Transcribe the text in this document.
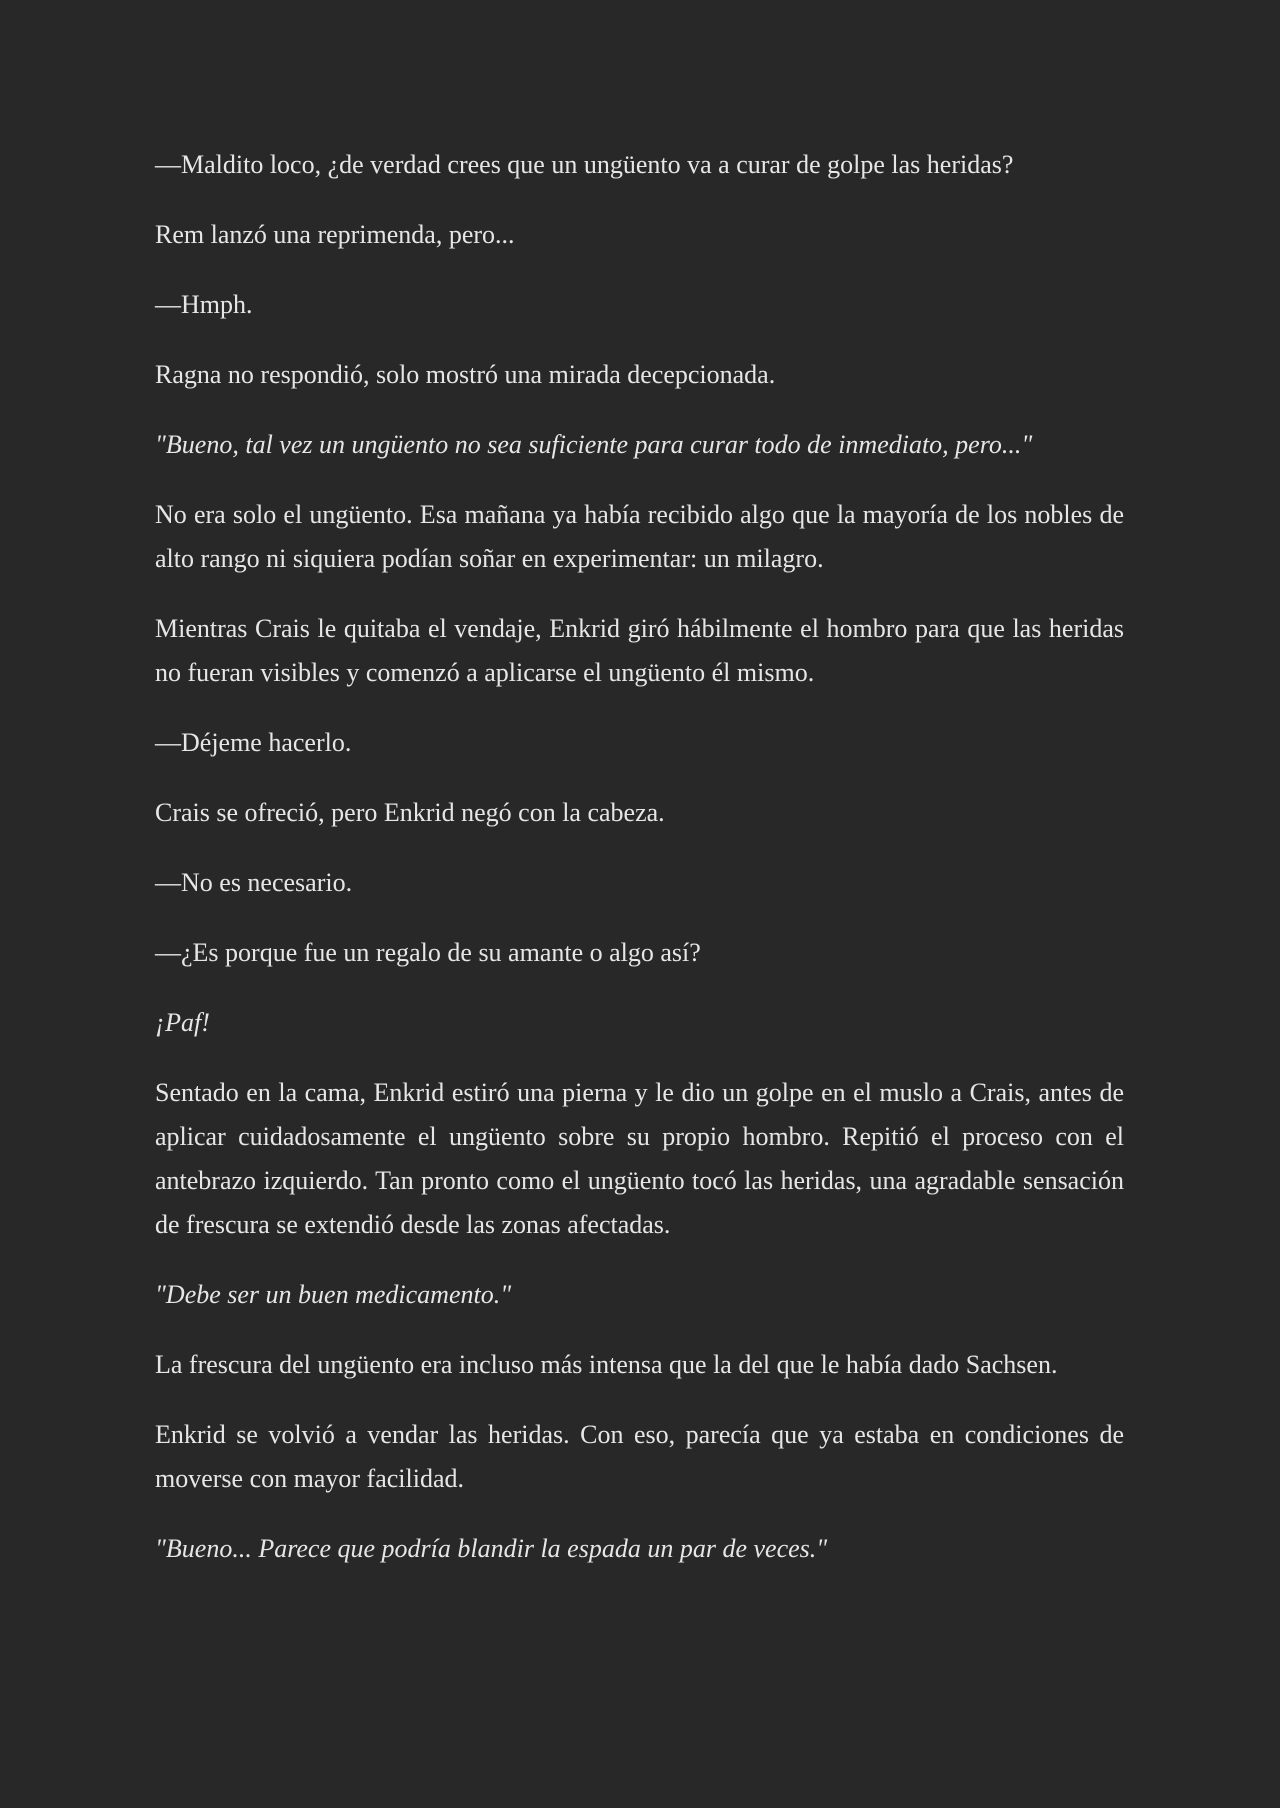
—Maldito loco, ¿de verdad crees que un ungüento va a curar de golpe las heridas?

Rem lanzó una reprimenda, pero...

—Hmph.

Ragna no respondió, solo mostró una mirada decepcionada.

"Bueno, tal vez un ungüento no sea suficiente para curar todo de inmediato, pero..."

No era solo el ungüento. Esa mañana ya había recibido algo que la mayoría de los nobles de alto rango ni siquiera podían soñar en experimentar: un milagro.

Mientras Crais le quitaba el vendaje, Enkrid giró hábilmente el hombro para que las heridas no fueran visibles y comenzó a aplicarse el ungüento él mismo.

—Déjeme hacerlo.

Crais se ofreció, pero Enkrid negó con la cabeza.

—No es necesario.

—¿Es porque fue un regalo de su amante o algo así?

¡Paf!

Sentado en la cama, Enkrid estiró una pierna y le dio un golpe en el muslo a Crais, antes de aplicar cuidadosamente el ungüento sobre su propio hombro. Repitió el proceso con el antebrazo izquierdo. Tan pronto como el ungüento tocó las heridas, una agradable sensación de frescura se extendió desde las zonas afectadas.

"Debe ser un buen medicamento."

La frescura del ungüento era incluso más intensa que la del que le había dado Sachsen.

Enkrid se volvió a vendar las heridas. Con eso, parecía que ya estaba en condiciones de moverse con mayor facilidad.

"Bueno... Parece que podría blandir la espada un par de veces."
